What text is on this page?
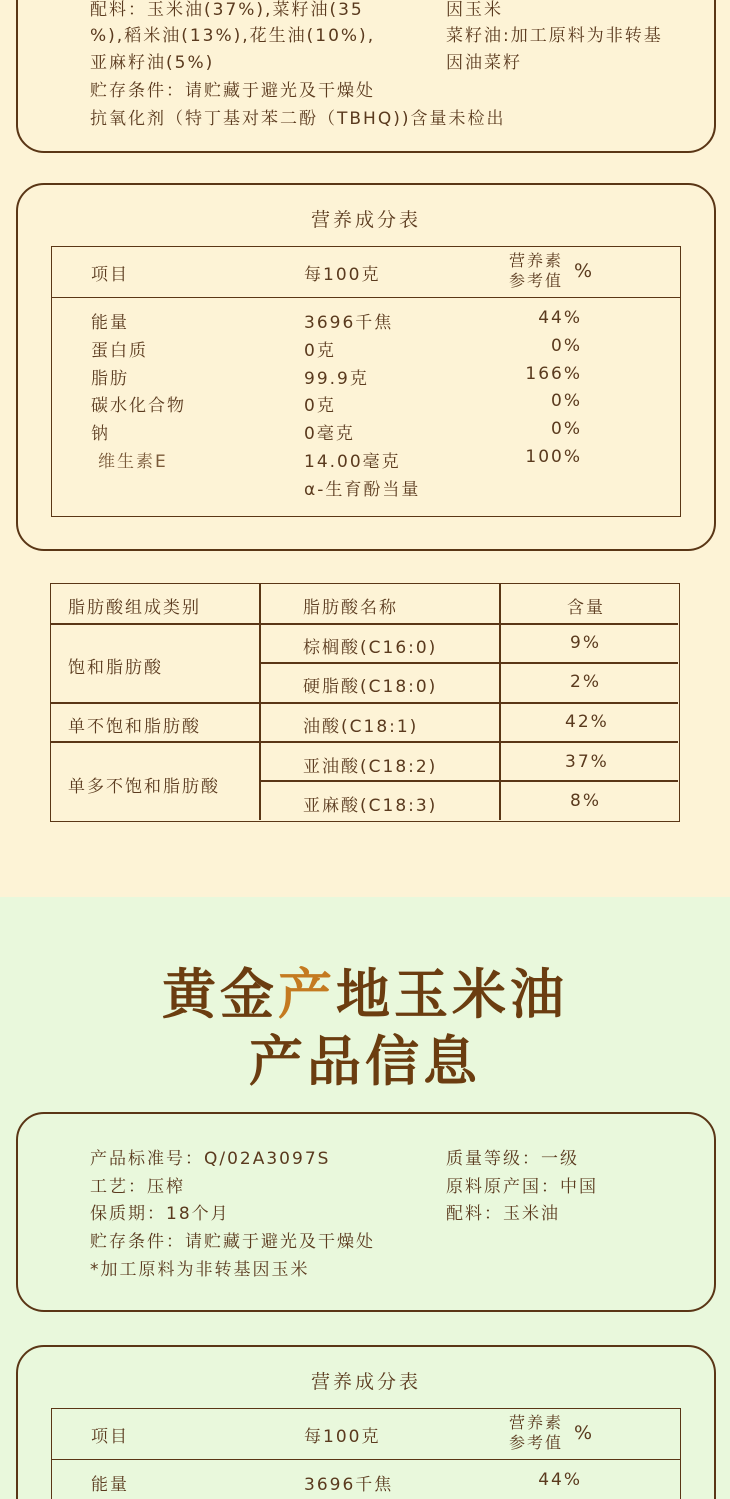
配料：玉米油(37%),菜籽油(35
%),稻米油(13%),花生油(10%),
亚麻籽油(5%)
贮存条件：请贮藏于避光及干燥处
抗氧化剂（特丁基对苯二酚（TBHQ))含量未检出
因玉米
菜籽油:加工原料为非转基
因油菜籽
营养成分表
项目	每100克
营养素
参考值 %
能量	3696千焦	44%
蛋白质	0克	0%
脂肪	99.9克	166%
碳水化合物	0克	0%
钠	0毫克	0%
维生素E	14.00毫克	100%
α-生育酚当量
脂肪酸组成类别	脂肪酸名称	含量
饱和脂肪酸
棕榈酸(C16:0)	9%
硬脂酸(C18:0)	2%
单不饱和脂肪酸	油酸(C18:1)	42%
单多不饱和脂肪酸
亚油酸(C18:2)	37%
亚麻酸(C18:3)	8%
黄金产地玉米油
产品信息
产品标准号：Q/02A3097S
工艺：压榨
保质期：18个月
贮存条件：请贮藏于避光及干燥处
*加工原料为非转基因玉米
质量等级：一级
原料原产国：中国
配料：玉米油
营养成分表
项目	每100克
营养素
参考值 %
能量	3696千焦	44%
